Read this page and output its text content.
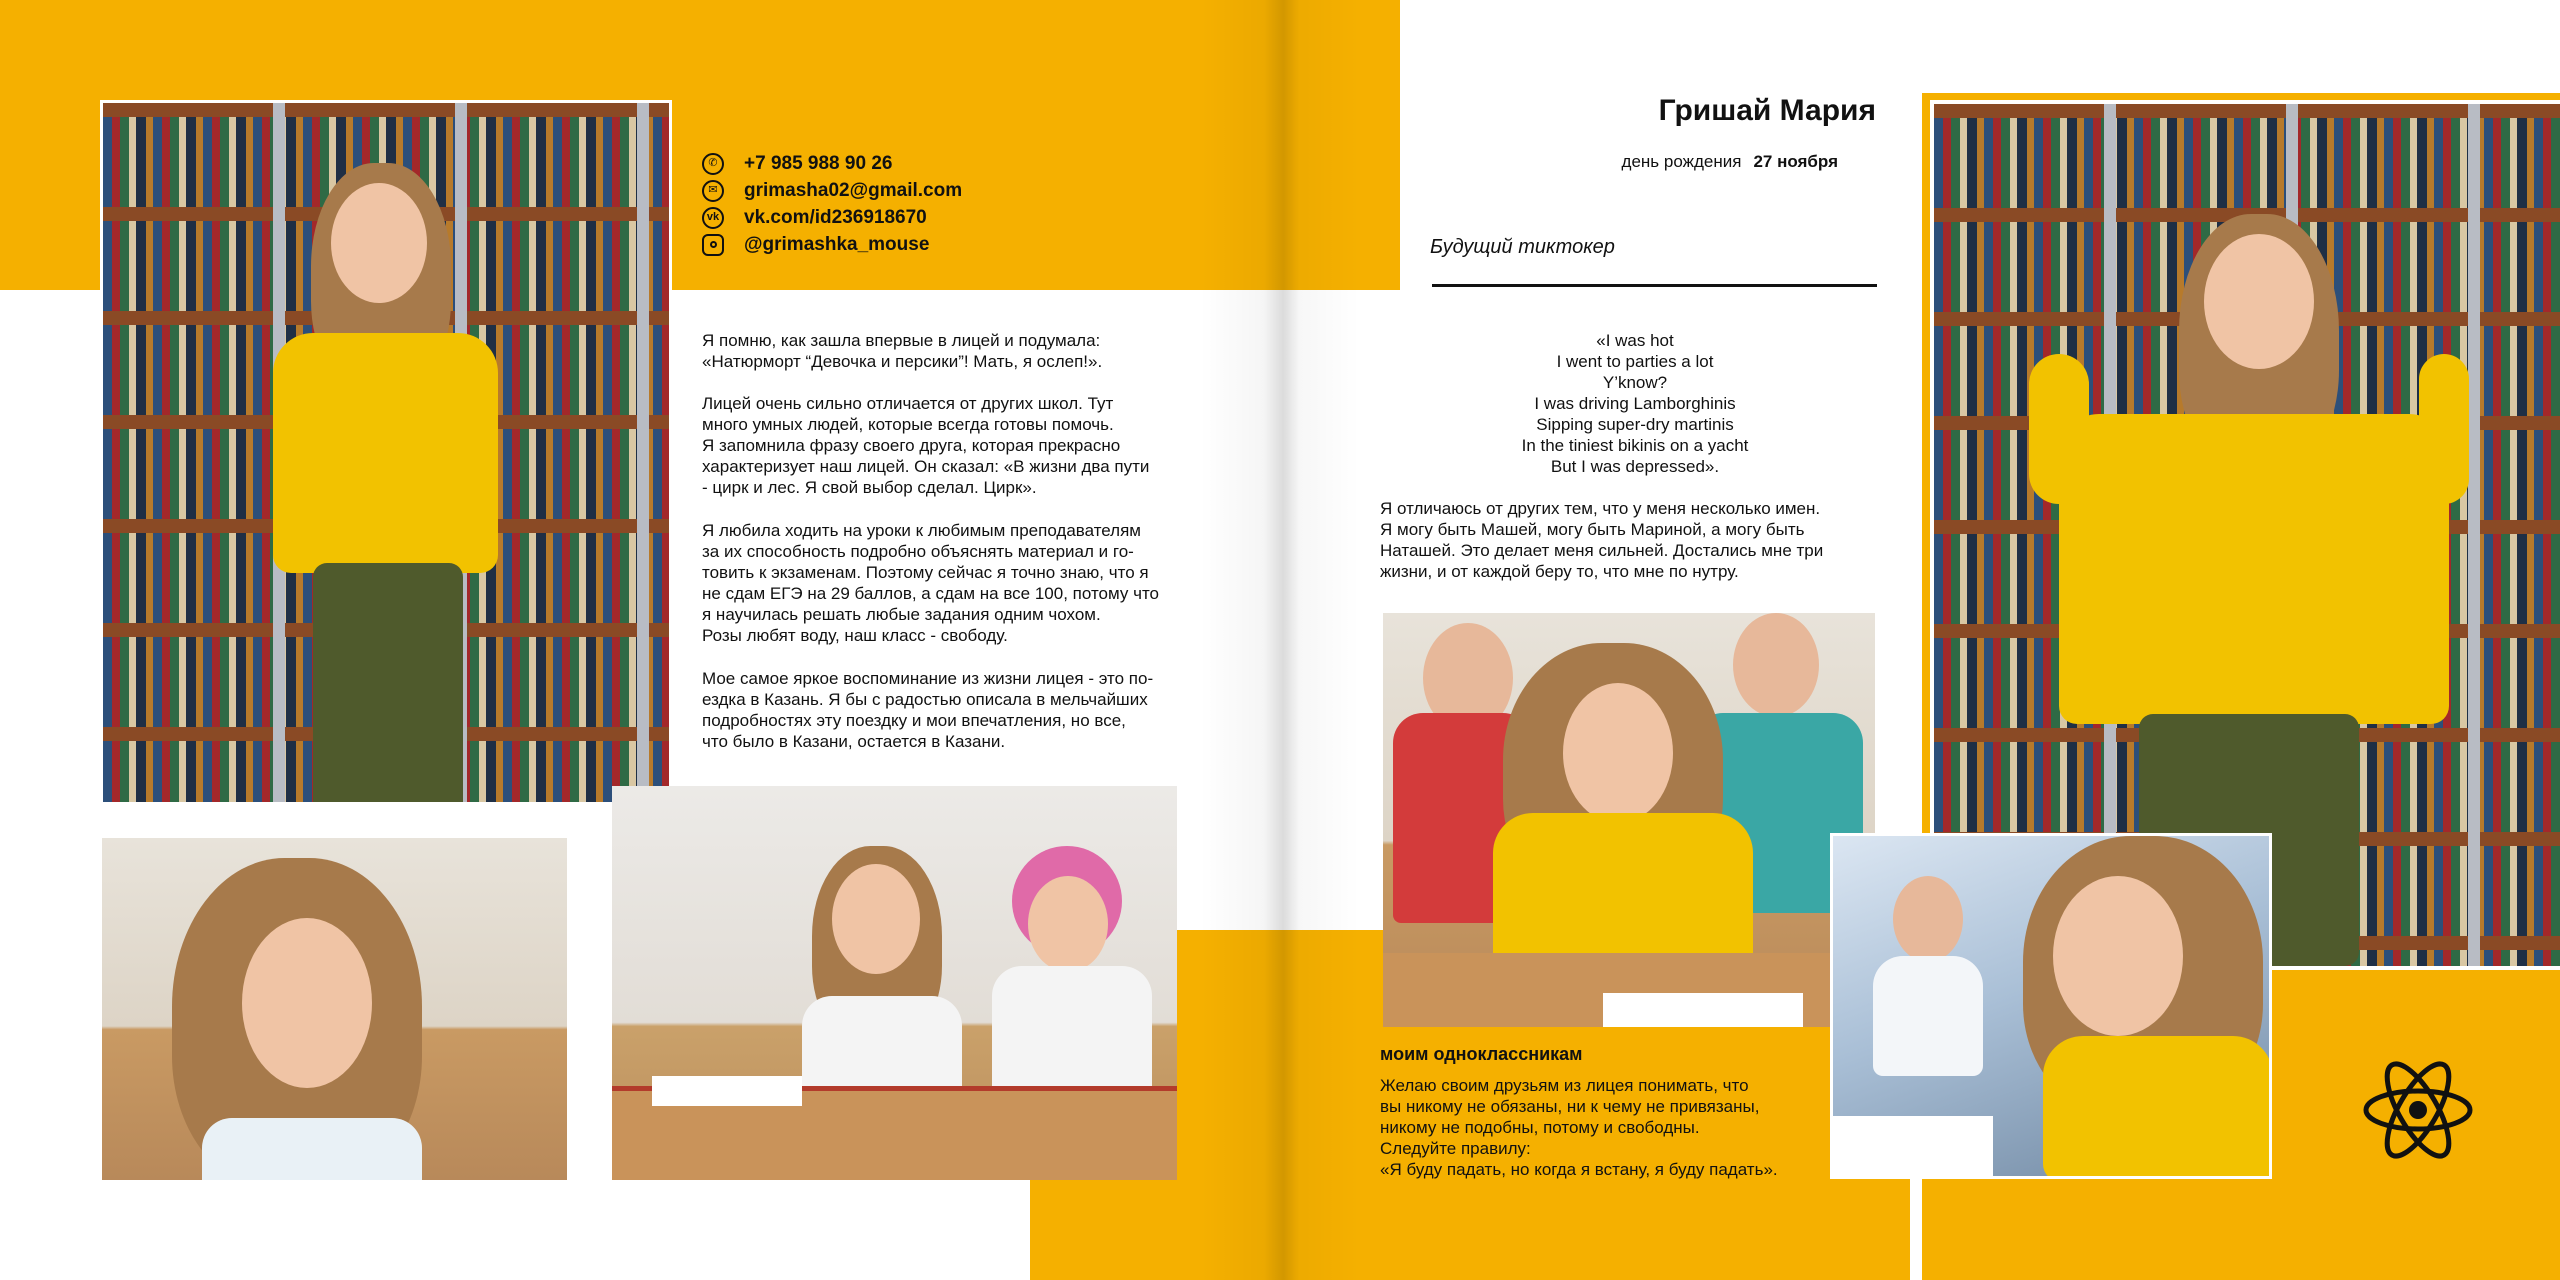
✆	+7 985 988 90 26
✉	grimasha02@gmail.com
vk vk.com/id236918670
@grimashka_mouse

Я помню, как зашла впервые в лицей и подумала:
«Натюрморт “Девочка и персики”! Мать, я ослеп!».

Лицей очень сильно отличается от других школ. Тут
много умных людей, которые всегда готовы помочь.
Я запомнила фразу своего друга, которая прекрасно
характеризует наш лицей. Он сказал: «В жизни два пути
- цирк и лес. Я свой выбор сделал. Цирк».

Я любила ходить на уроки к любимым преподавателям
за их способность подробно объяснять материал и го-
товить к экзаменам. Поэтому сейчас я точно знаю, что я
не сдам ЕГЭ на 29 баллов, а сдам на все 100, потому что
я научилась решать любые задания одним чохом.
Розы любят воду, наш класс - свободу.

Мое самое яркое воспоминание из жизни лицея - это по-
ездка в Казань. Я бы с радостью описала в мельчайших
подробностях эту поездку и мои впечатления, но все,
что было в Казани, остается в Казани.

Гришай Мария
день рождения 27 ноября
Будущий тиктокер
«I was hot
I went to parties a lot
Y’know?
I was driving Lamborghinis
Sipping super-dry martinis
In the tiniest bikinis on a yacht
But I was depressed».

Я отличаюсь от других тем, что у меня несколько имен.
Я могу быть Машей, могу быть Мариной, а могу быть
Наташей. Это делает меня сильней. Достались мне три
жизни, и от каждой беру то, что мне по нутру.

моим одноклассникам
Желаю своим друзьям из лицея понимать, что
вы никому не обязаны, ни к чему не привязаны,
никому не подобны, потому и свободны.
Следуйте правилу:
«Я буду падать, но когда я встану, я буду падать».
